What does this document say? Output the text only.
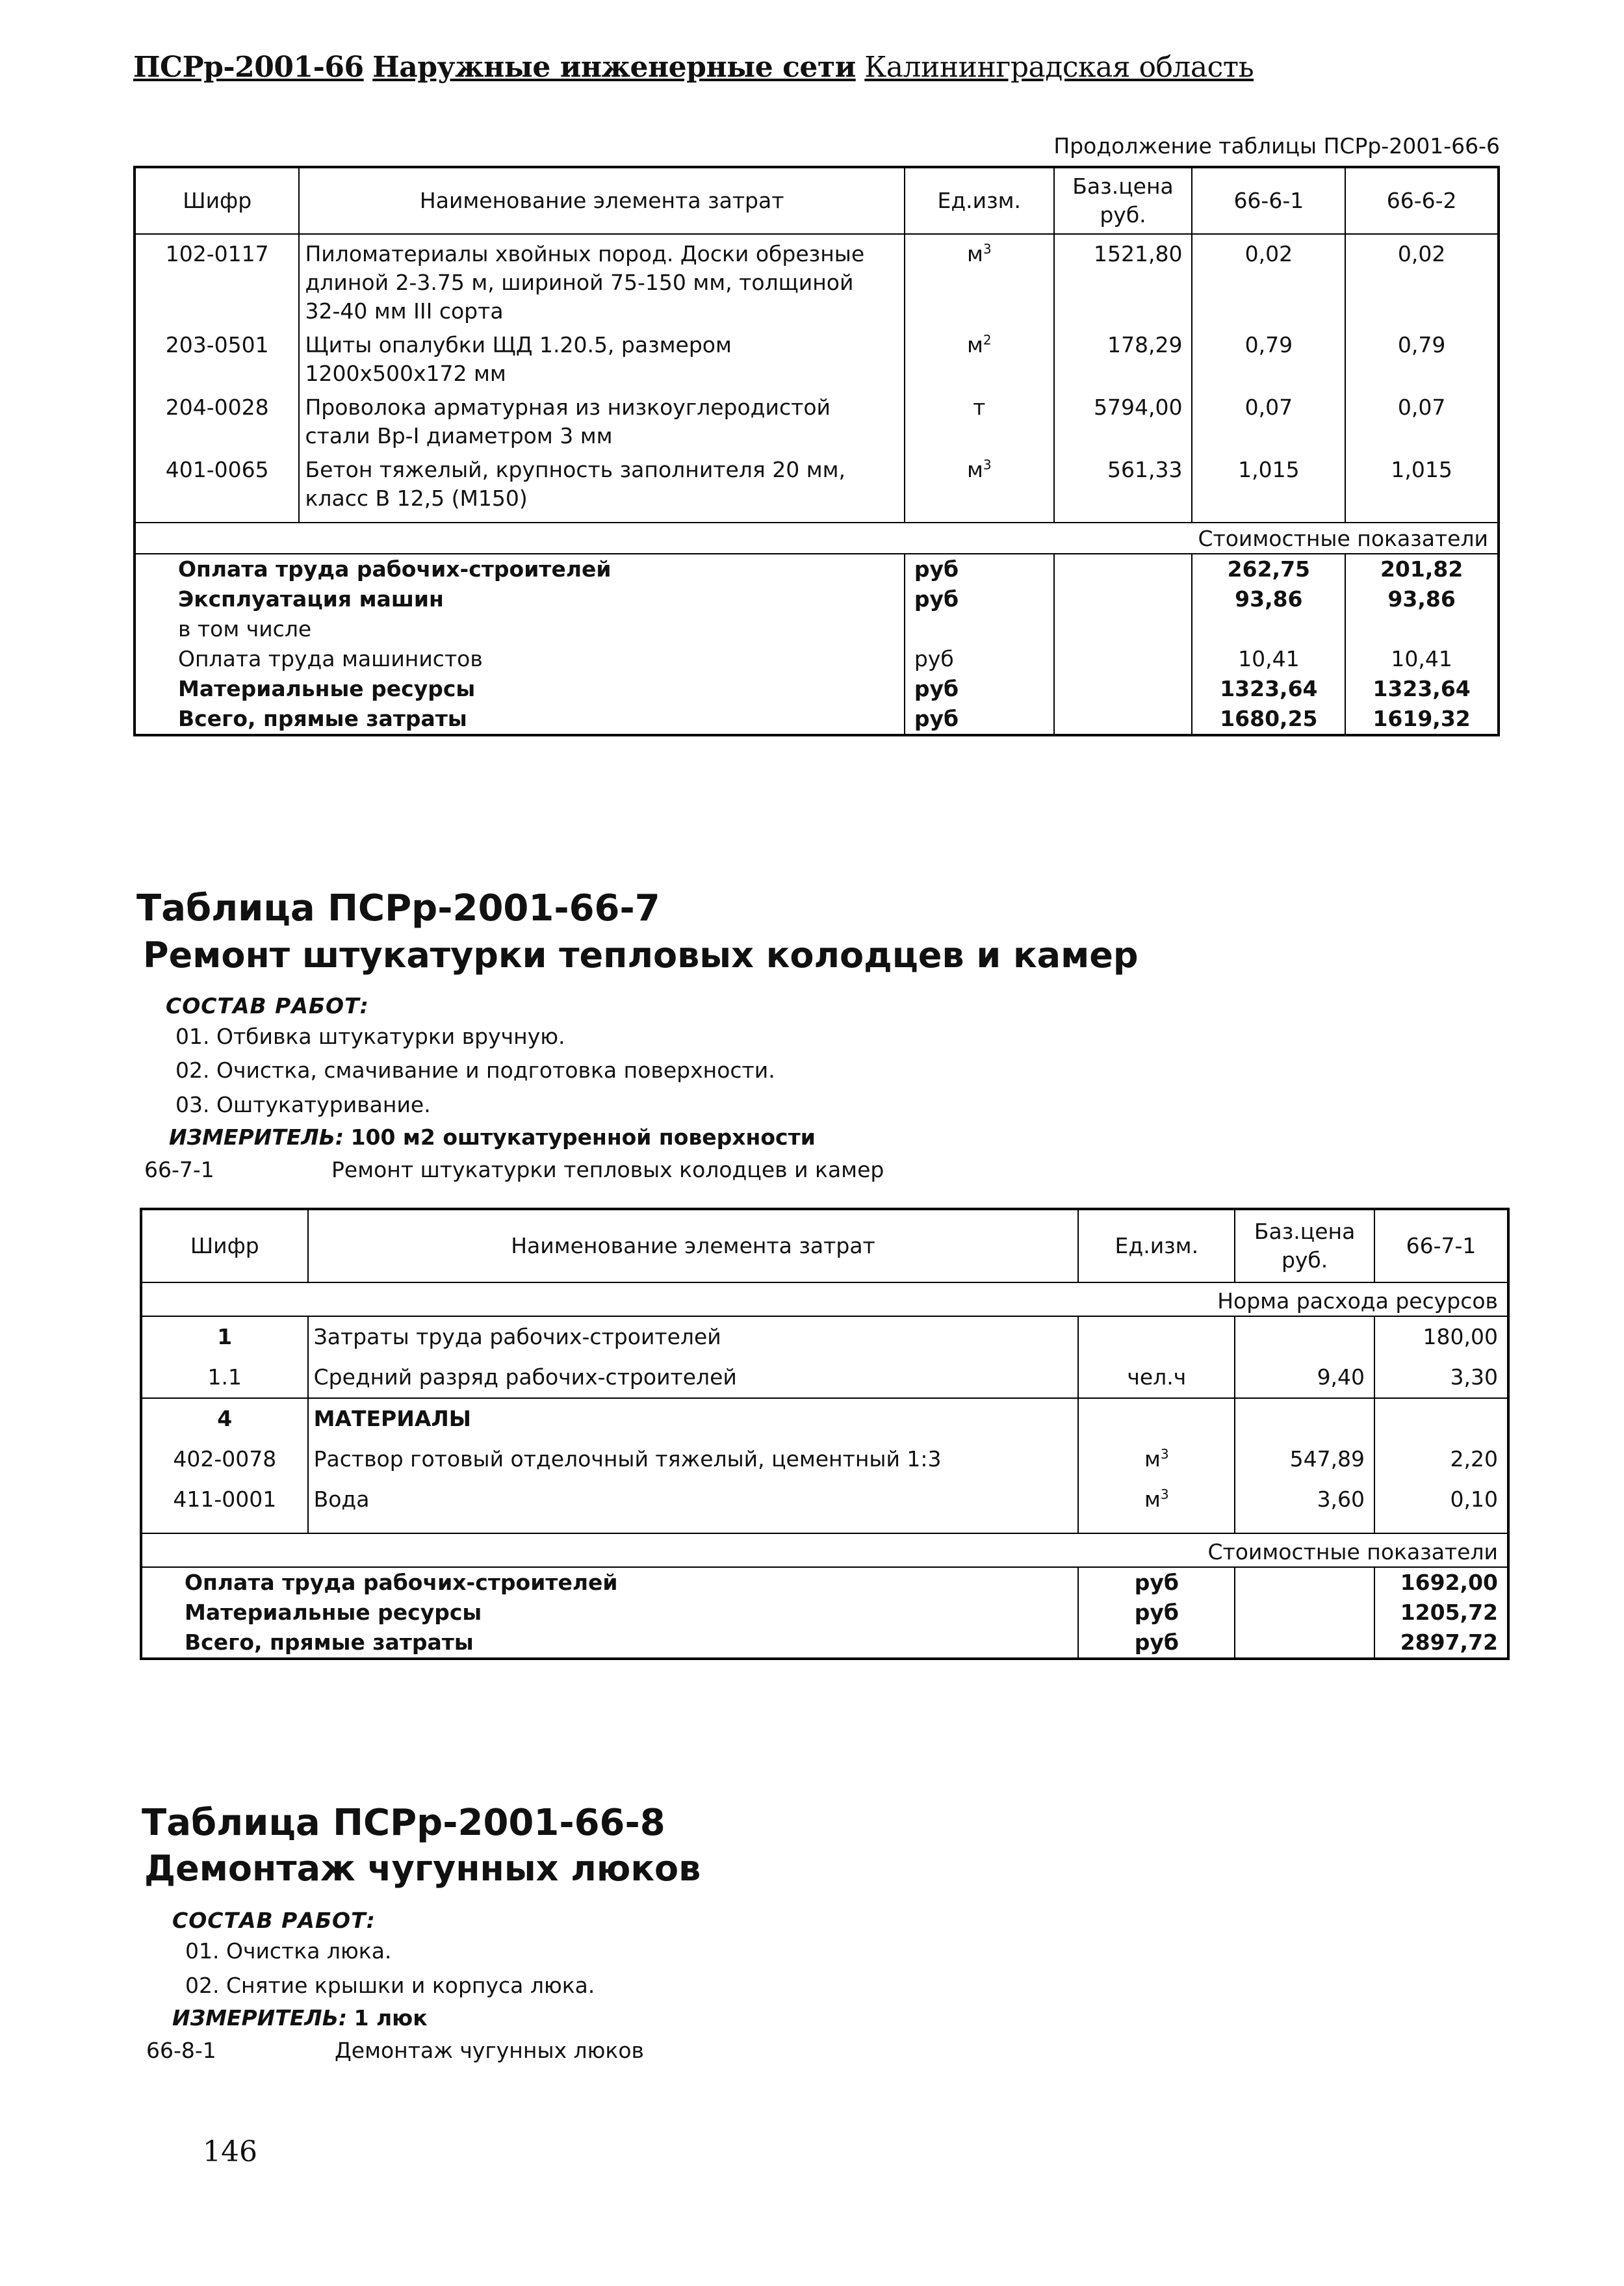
ПСРр-2001-66 Наружные инженерные сети Калининградская область
Продолжение таблицы ПСРр-2001-66-6
Шифр	Наименование элемента затрат	Ед.изм.	Баз.цена руб.	66-6-1	66-6-2
102-0117	Пиломатериалы хвойных пород. Доски обрезные длиной 2-3.75 м, шириной 75-150 мм, толщиной 32-40 мм III сорта	$м^3$	1521,80	0,02	0,02
203-0501	Щиты опалубки ЩД 1.20.5, размером 1200x500x172 мм	$м^2$	178,29	0,79	0,79
204-0028	Проволока арматурная из низкоуглеродистой стали Вр-I диаметром 3 мм	т	5794,00	0,07	0,07
401-0065	Бетон тяжелый, крупность заполнителя 20 мм, класс В 12,5 (М150)	$м^3$	561,33	1,015	1,015
Стоимостные показатели					
Оплата труда рабочих-строителей		руб		262,75	201,82
Эксплуатация машин		руб		93,86	93,86
в том числе					
Оплата труда машинистов		руб		10,41	10,41
Материальные ресурсы		руб		1323,64	1323,64
Всего, прямые затраты		руб		1680,25	1619,32
Таблица ПСРр-2001-66-7
Ремонт штукатурки тепловых колодцев и камер
СОСТАВ РАБОТ:
01. Отбивка штукатурки вручную.
02. Очистка, смачивание и подготовка поверхности.
03. Оштукатуривание.
ИЗМЕРИТЕЛЬ: 100 м2 оштукатуренной поверхности
66-7-1	Ремонт штукатурки тепловых колодцев и камер
Шифр	Наименование элемента затрат	Ед.изм.	Баз.цена руб.	66-7-1
Норма расхода ресурсов				
1	Затраты труда рабочих-строителей			180,00
1.1	Средний разряд рабочих-строителей	чел.ч	9,40	3,30
4	МАТЕРИАЛЫ			
402-0078	Раствор готовый отделочный тяжелый, цементный 1:3	$м^3$	547,89	2,20
411-0001	Вода	$м^3$	3,60	0,10

Стоимостные показатели				
Оплата труда рабочих-строителей		руб		1692,00
Материальные ресурсы		руб		1205,72
Всего, прямые затраты		руб		2897,72
Таблица ПСРр-2001-66-8
Демонтаж чугунных люков
СОСТАВ РАБОТ:
01. Очистка люка.
02. Снятие крышки и корпуса люка.
ИЗМЕРИТЕЛЬ: 1 люк
66-8-1	Демонтаж чугунных люков
146
